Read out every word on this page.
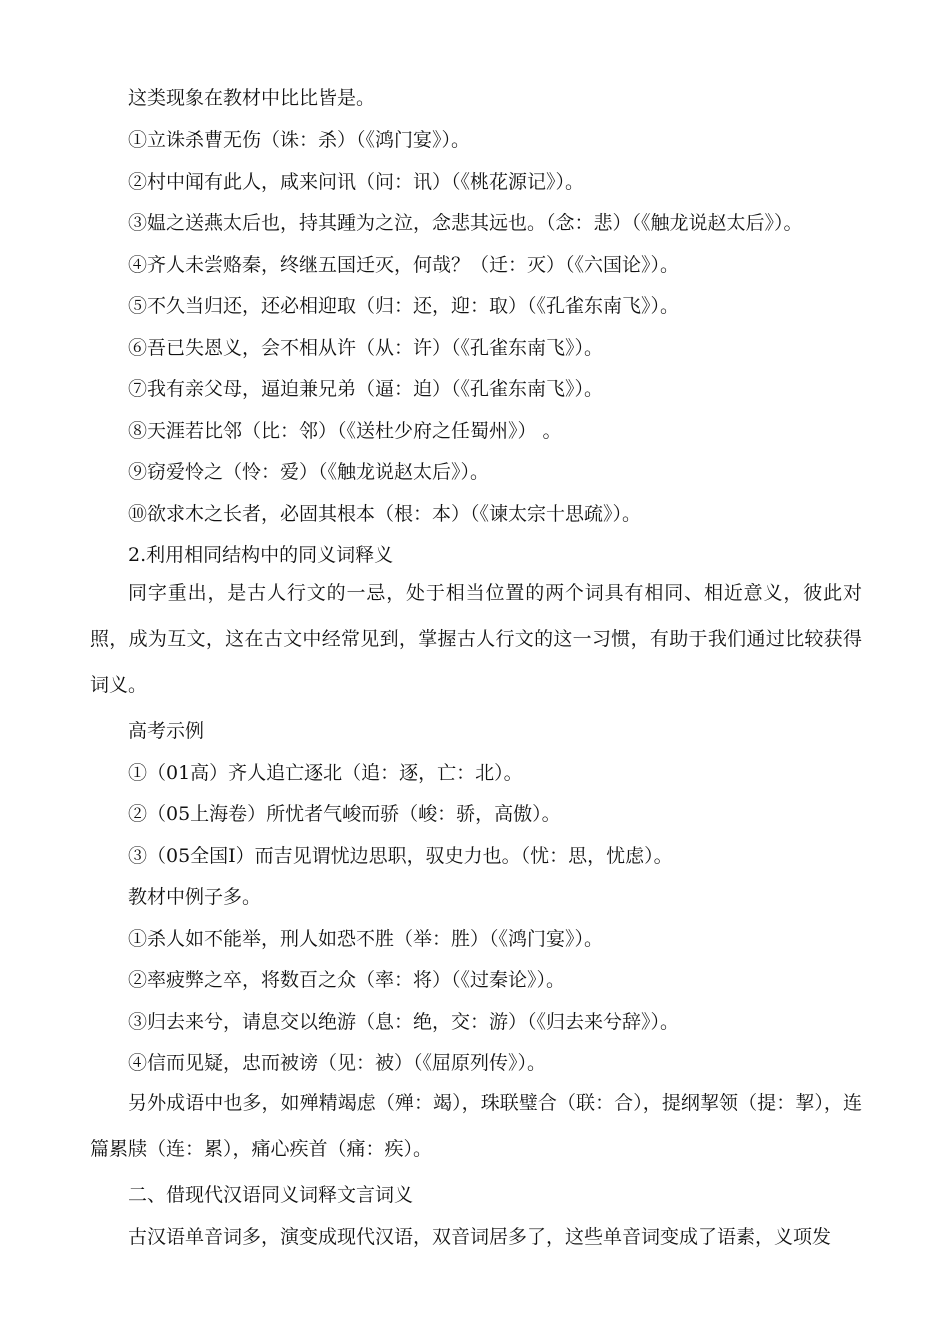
这类现象在教材中比比皆是。
①立诛杀曹无伤（诛：杀）（《鸿门宴》）。
②村中闻有此人，咸来问讯（问：讯）（《桃花源记》）。
③媪之送燕太后也，持其踵为之泣，念悲其远也。（念：悲）（《触龙说赵太后》）。
④齐人未尝赂秦，终继五国迁灭，何哉？（迁：灭）（《六国论》）。
⑤不久当归还，还必相迎取（归：还，迎：取）（《孔雀东南飞》）。
⑥吾已失恩义，会不相从许（从：许）（《孔雀东南飞》）。
⑦我有亲父母，逼迫兼兄弟（逼：迫）（《孔雀东南飞》）。
⑧天涯若比邻（比：邻）（《送杜少府之任蜀州》） 。
⑨窃爱怜之（怜：爱）（《触龙说赵太后》）。
⑩欲求木之长者，必固其根本（根：本）（《谏太宗十思疏》）。
2.利用相同结构中的同义词释义
同字重出，是古人行文的一忌，处于相当位置的两个词具有相同、相近意义，彼此对照，成为互文，这在古文中经常见到，掌握古人行文的这一习惯，有助于我们通过比较获得词义。
高考示例
①（01高）齐人追亡逐北（追：逐，亡：北）。
②（05上海卷）所忧者气峻而骄（峻：骄，高傲）。
③（05全国Ⅰ）而吉见谓忧边思职，驭史力也。（忧：思，忧虑）。
教材中例子多。
①杀人如不能举，刑人如恐不胜（举：胜）（《鸿门宴》）。
②率疲弊之卒，将数百之众（率：将）（《过秦论》）。
③归去来兮，请息交以绝游（息：绝，交：游）（《归去来兮辞》）。
④信而见疑，忠而被谤（见：被）（《屈原列传》）。
另外成语中也多，如殚精竭虑（殚：竭），珠联璧合（联：合），提纲挈领（提：挈），连篇累牍（连：累），痛心疾首（痛：疾）。
二、借现代汉语同义词释文言词义
古汉语单音词多，演变成现代汉语，双音词居多了，这些单音词变成了语素，义项发
